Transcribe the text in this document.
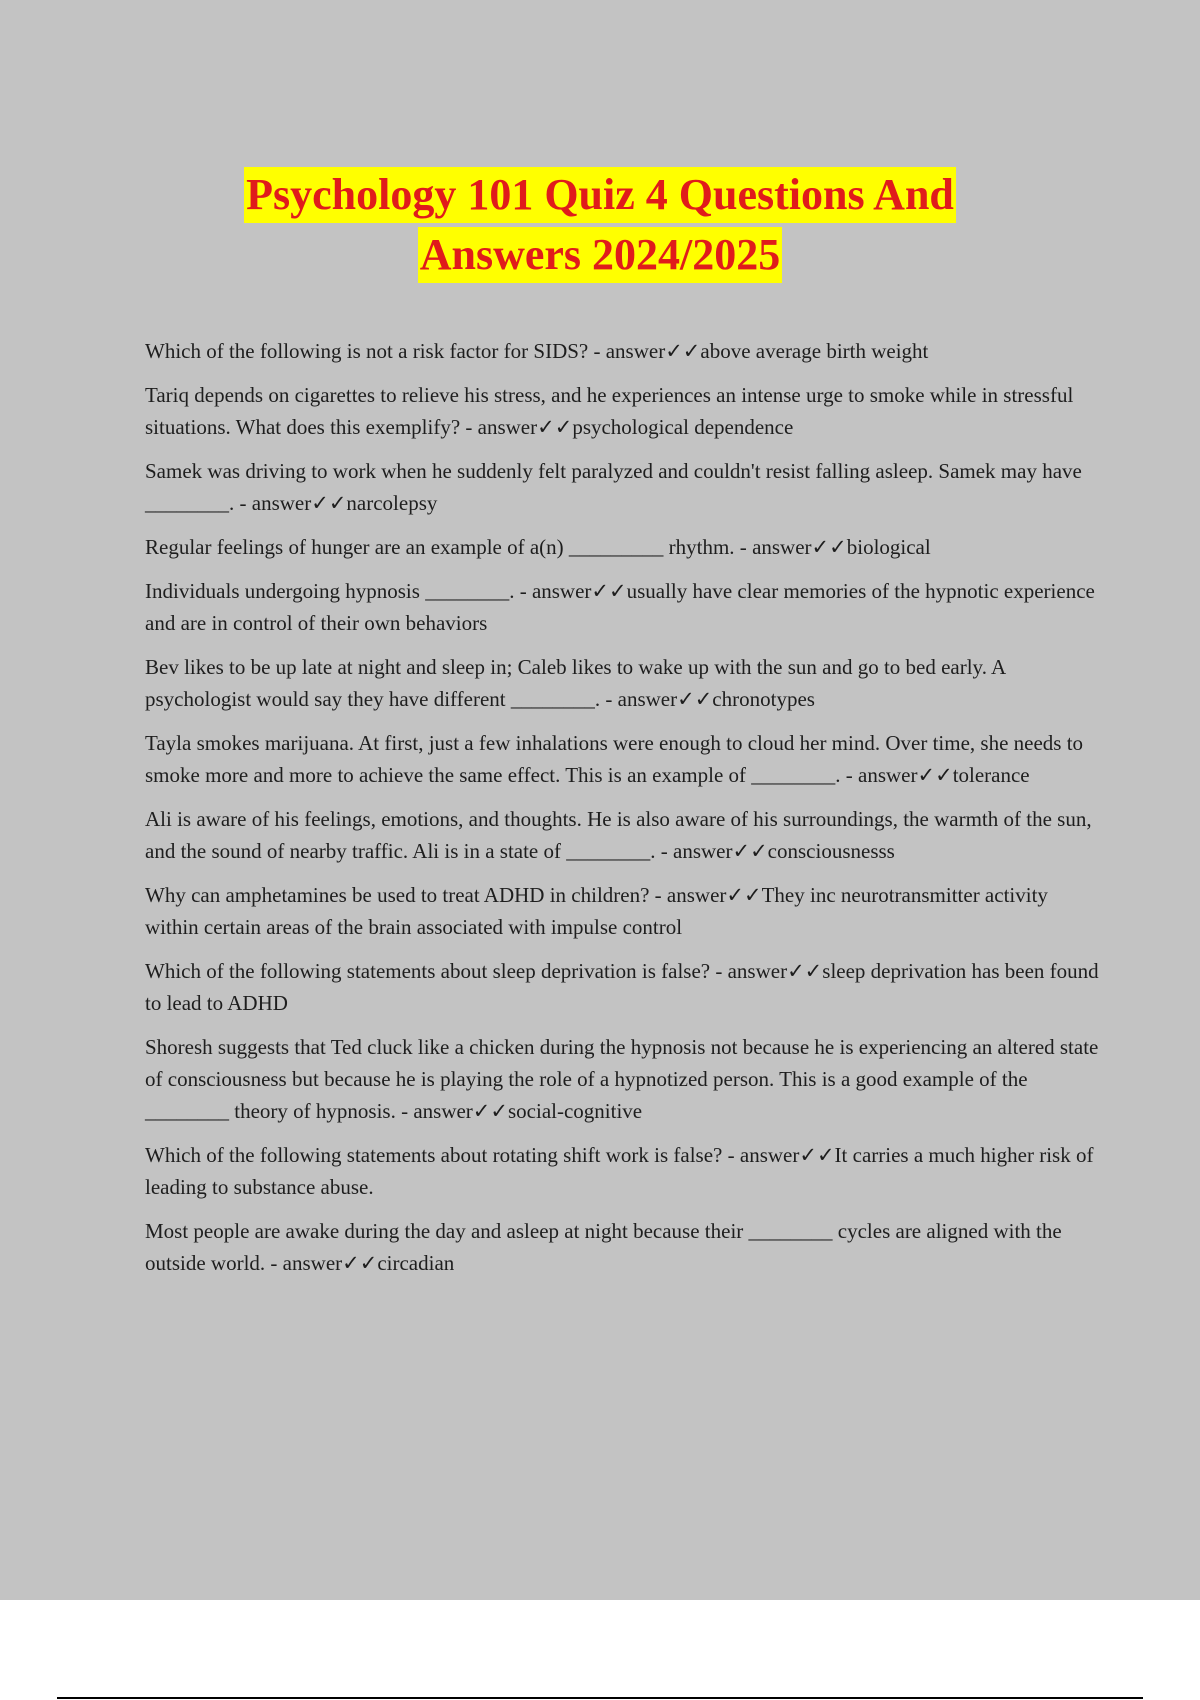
Psychology 101 Quiz 4 Questions And
Answers 2024/2025

Which of the following is not a risk factor for SIDS? - answer✓✓above average birth weight

Tariq depends on cigarettes to relieve his stress, and he experiences an intense urge to smoke while in stressful situations. What does this exemplify? - answer✓✓psychological dependence

Samek was driving to work when he suddenly felt paralyzed and couldn't resist falling asleep. Samek may have ________. - answer✓✓narcolepsy

Regular feelings of hunger are an example of a(n) _________ rhythm. - answer✓✓biological

Individuals undergoing hypnosis ________. - answer✓✓usually have clear memories of the hypnotic experience and are in control of their own behaviors

Bev likes to be up late at night and sleep in; Caleb likes to wake up with the sun and go to bed early. A psychologist would say they have different ________. - answer✓✓chronotypes

Tayla smokes marijuana. At first, just a few inhalations were enough to cloud her mind. Over time, she needs to smoke more and more to achieve the same effect. This is an example of ________. - answer✓✓tolerance

Ali is aware of his feelings, emotions, and thoughts. He is also aware of his surroundings, the warmth of the sun, and the sound of nearby traffic. Ali is in a state of ________. - answer✓✓consciousnesss

Why can amphetamines be used to treat ADHD in children? - answer✓✓They inc neurotransmitter activity within certain areas of the brain associated with impulse control

Which of the following statements about sleep deprivation is false? - answer✓✓sleep deprivation has been found to lead to ADHD

Shoresh suggests that Ted cluck like a chicken during the hypnosis not because he is experiencing an altered state of consciousness but because he is playing the role of a hypnotized person. This is a good example of the ________ theory of hypnosis. - answer✓✓social-cognitive

Which of the following statements about rotating shift work is false? - answer✓✓It carries a much higher risk of leading to substance abuse.

Most people are awake during the day and asleep at night because their ________ cycles are aligned with the outside world. - answer✓✓circadian
